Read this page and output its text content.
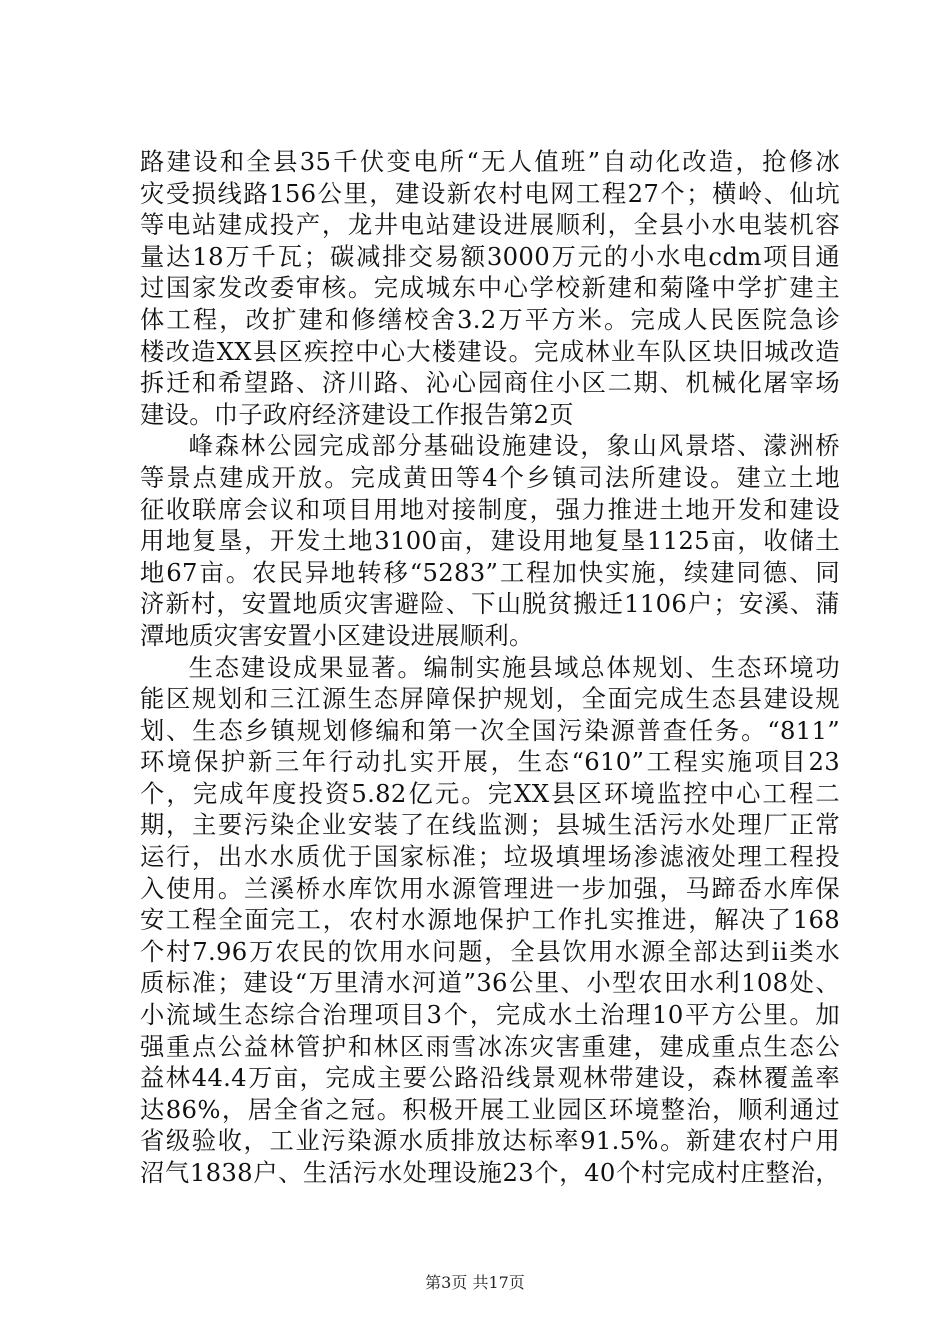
路建设和全县35千伏变电所“无人值班”自动化改造，抢修冰
灾受损线路156公里，建设新农村电网工程27个；横岭、仙坑
等电站建成投产，龙井电站建设进展顺利，全县小水电装机容
量达18万千瓦；碳减排交易额3000万元的小水电cdm项目通
过国家发改委审核。完成城东中心学校新建和菊隆中学扩建主
体工程，改扩建和修缮校舍3.2万平方米。完成人民医院急诊
楼改造XX县区疾控中心大楼建设。完成林业车队区块旧城改造
拆迁和希望路、济川路、沁心园商住小区二期、机械化屠宰场
建设。巾子政府经济建设工作报告第2页

峰森林公园完成部分基础设施建设，象山风景塔、濛洲桥
等景点建成开放。完成黄田等4个乡镇司法所建设。建立土地
征收联席会议和项目用地对接制度，强力推进土地开发和建设
用地复垦，开发土地3100亩，建设用地复垦1125亩，收储土
地67亩。农民异地转移“5283”工程加快实施，续建同德、同
济新村，安置地质灾害避险、下山脱贫搬迁1106户；安溪、蒲
潭地质灾害安置小区建设进展顺利。

生态建设成果显著。编制实施县域总体规划、生态环境功
能区规划和三江源生态屏障保护规划，全面完成生态县建设规
划、生态乡镇规划修编和第一次全国污染源普查任务。“811”
环境保护新三年行动扎实开展，生态“610”工程实施项目23
个，完成年度投资5.82亿元。完XX县区环境监控中心工程二
期，主要污染企业安装了在线监测；县城生活污水处理厂正常
运行，出水水质优于国家标准；垃圾填埋场渗滤液处理工程投
入使用。兰溪桥水库饮用水源管理进一步加强，马蹄岙水库保
安工程全面完工，农村水源地保护工作扎实推进，解决了168
个村7.96万农民的饮用水问题，全县饮用水源全部达到ii类水
质标准；建设“万里清水河道”36公里、小型农田水利108处、
小流域生态综合治理项目3个，完成水土治理10平方公里。加
强重点公益林管护和林区雨雪冰冻灾害重建，建成重点生态公
益林44.4万亩，完成主要公路沿线景观林带建设，森林覆盖率
达86%，居全省之冠。积极开展工业园区环境整治，顺利通过
省级验收，工业污染源水质排放达标率91.5%。新建农村户用
沼气1838户、生活污水处理设施23个，40个村完成村庄整治，

第3页 共17页
